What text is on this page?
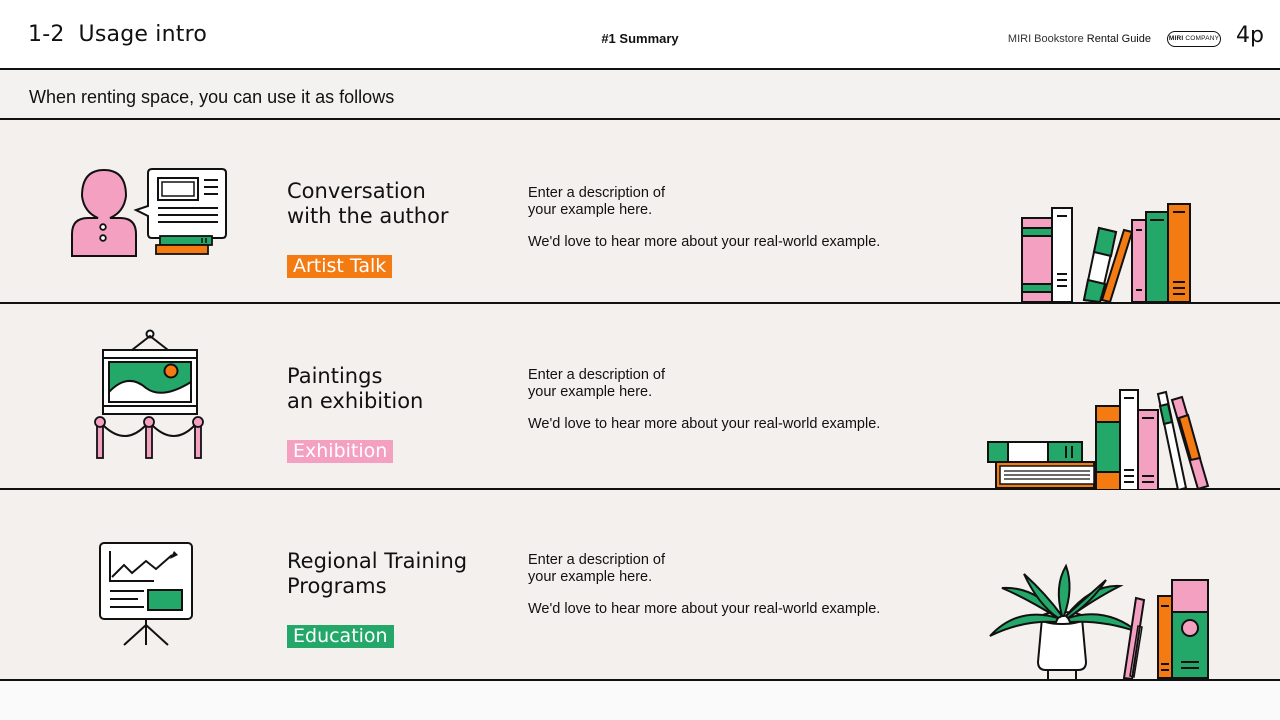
1-2 Usage intro	#1 Summary	MIRI Bookstore Rental Guide	MIRI COMPANY 4p
When renting space, you can use it as follows
Conversation
with the author
Artist Talk
Enter a description of
your example here.
We'd love to hear more about your real-world example.
Paintings
an exhibition
Exhibition
Enter a description of
your example here.
We'd love to hear more about your real-world example.
Regional Training
Programs
Education
Enter a description of
your example here.
We'd love to hear more about your real-world example.
